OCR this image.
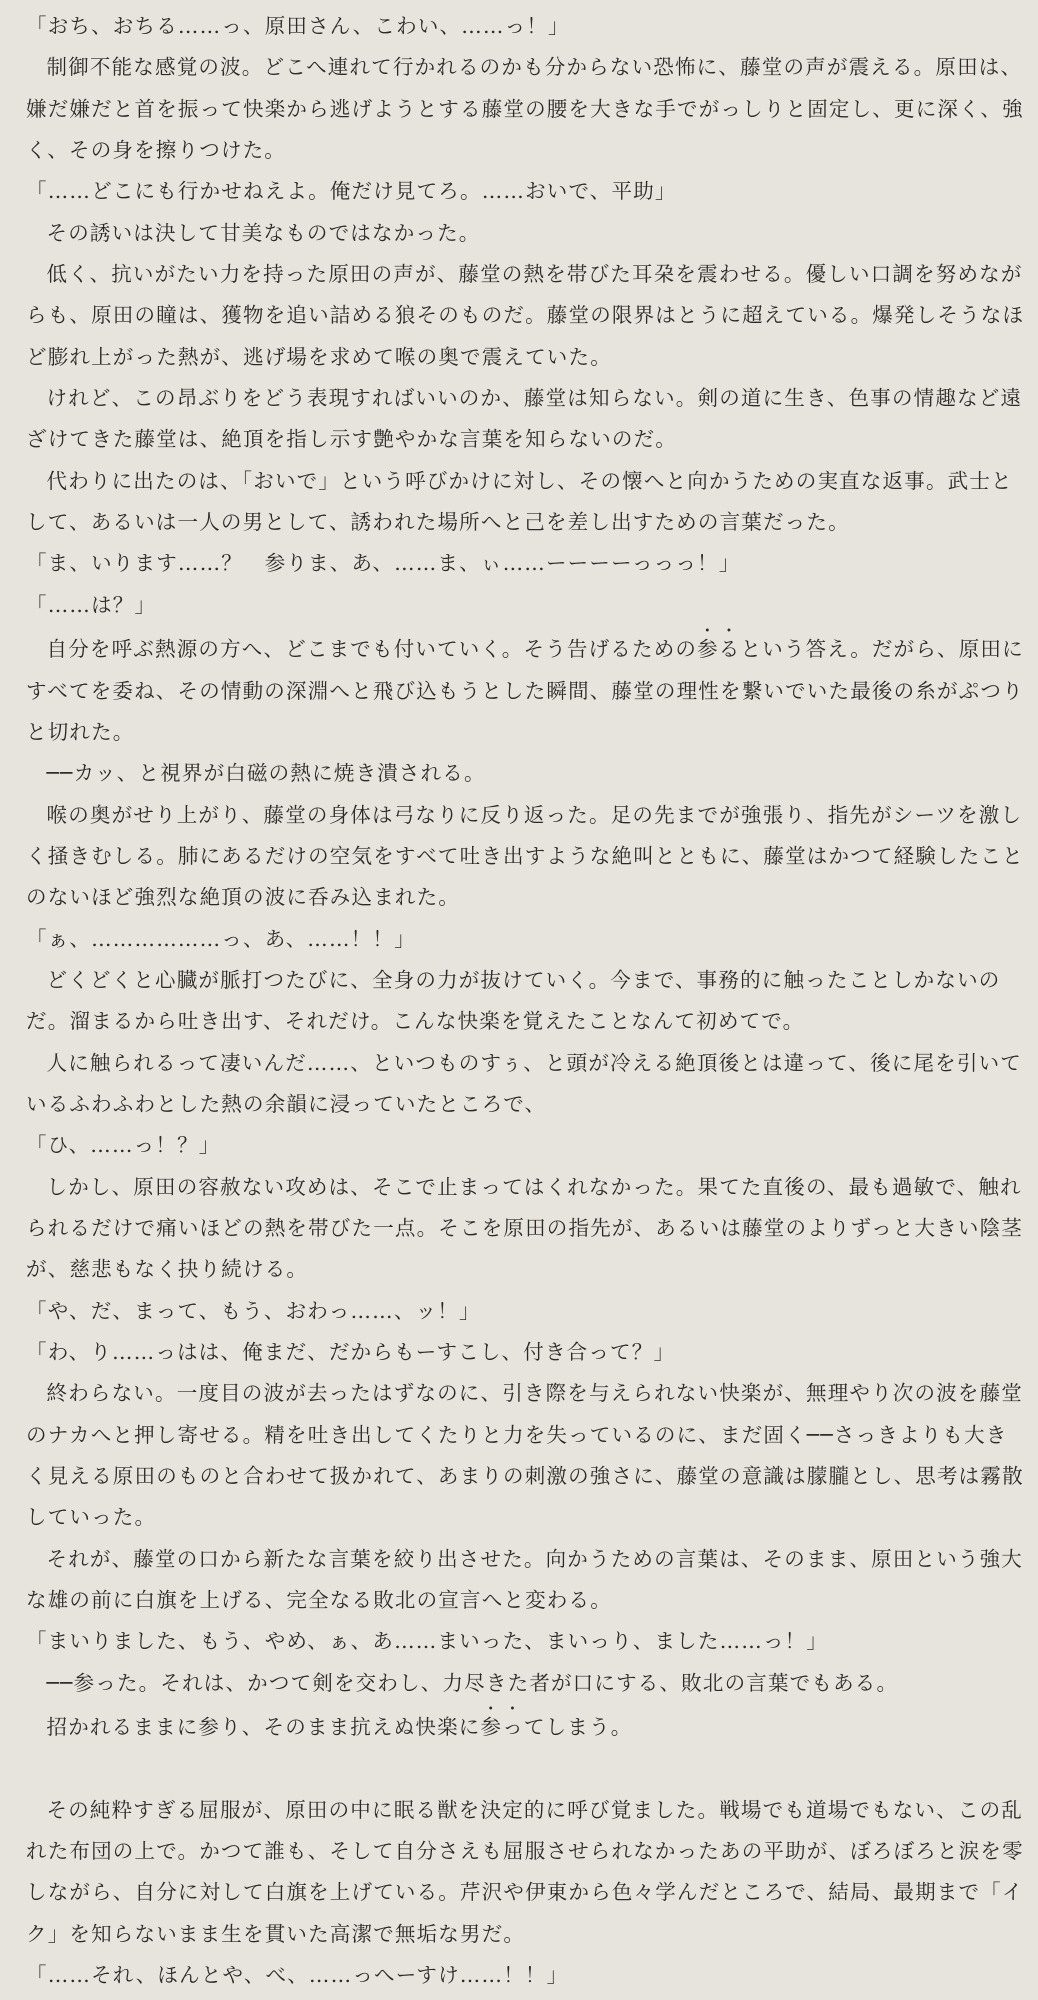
「おち、おちる……っ、原田さん、こわい、……っ！」

制御不能な感覚の波。どこへ連れて行かれるのかも分からない恐怖に、藤堂の声が震える。原田は、嫌だ嫌だと首を振って快楽から逃げようとする藤堂の腰を大きな手でがっしりと固定し、更に深く、強く、その身を擦りつけた。

「……どこにも行かせねえよ。俺だけ見てろ。……おいで、平助」

その誘いは決して甘美なものではなかった。

低く、抗いがたい力を持った原田の声が、藤堂の熱を帯びた耳朶を震わせる。優しい口調を努めながらも、原田の瞳は、獲物を追い詰める狼そのものだ。藤堂の限界はとうに超えている。爆発しそうなほど膨れ上がった熱が、逃げ場を求めて喉の奥で震えていた。

けれど、この昂ぶりをどう表現すればいいのか、藤堂は知らない。剣の道に生き、色事の情趣など遠ざけてきた藤堂は、絶頂を指し示す艶やかな言葉を知らないのだ。

代わりに出たのは、「おいで」という呼びかけに対し、その懐へと向かうための実直な返事。武士として、あるいは一人の男として、誘われた場所へと己を差し出すための言葉だった。

「ま、いります……？　参りま、あ、……ま、ぃ……ーーーーっっっ！」

「……は？」

自分を呼ぶ熱源の方へ、どこまでも付いていく。そう告げるための参るという答え。だがら、原田にすべてを委ね、その情動の深淵へと飛び込もうとした瞬間、藤堂の理性を繋いでいた最後の糸がぷつりと切れた。

──カッ、と視界が白磁の熱に焼き潰される。

喉の奥がせり上がり、藤堂の身体は弓なりに反り返った。足の先までが強張り、指先がシーツを激しく掻きむしる。肺にあるだけの空気をすべて吐き出すような絶叫とともに、藤堂はかつて経験したことのないほど強烈な絶頂の波に呑み込まれた。

「ぁ、………………っ、あ、……！！」

どくどくと心臓が脈打つたびに、全身の力が抜けていく。今まで、事務的に触ったことしかないのだ。溜まるから吐き出す、それだけ。こんな快楽を覚えたことなんて初めてで。

人に触られるって凄いんだ……、といつものすぅ、と頭が冷える絶頂後とは違って、後に尾を引いているふわふわとした熱の余韻に浸っていたところで、

「ひ、……っ！？」

しかし、原田の容赦ない攻めは、そこで止まってはくれなかった。果てた直後の、最も過敏で、触れられるだけで痛いほどの熱を帯びた一点。そこを原田の指先が、あるいは藤堂のよりずっと大きい陰茎が、慈悲もなく抉り続ける。

「や、だ、まって、もう、おわっ……、ッ！」

「わ、り……っはは、俺まだ、だからもーすこし、付き合って？」

終わらない。一度目の波が去ったはずなのに、引き際を与えられない快楽が、無理やり次の波を藤堂のナカへと押し寄せる。精を吐き出してくたりと力を失っているのに、まだ固く──さっきよりも大きく見える原田のものと合わせて扱かれて、あまりの刺激の強さに、藤堂の意識は朦朧とし、思考は霧散していった。

それが、藤堂の口から新たな言葉を絞り出させた。向かうための言葉は、そのまま、原田という強大な雄の前に白旗を上げる、完全なる敗北の宣言へと変わる。

「まいりました、もう、やめ、ぁ、あ……まいった、まいっり、ました……っ！」

──参った。それは、かつて剣を交わし、力尽きた者が口にする、敗北の言葉でもある。

招かれるままに参り、そのまま抗えぬ快楽に参ってしまう。

その純粋すぎる屈服が、原田の中に眠る獣を決定的に呼び覚ました。戦場でも道場でもない、この乱れた布団の上で。かつて誰も、そして自分さえも屈服させられなかったあの平助が、ぼろぼろと涙を零しながら、自分に対して白旗を上げている。芹沢や伊東から色々学んだところで、結局、最期まで「イク」を知らないまま生を貫いた高潔で無垢な男だ。

「……それ、ほんとや、べ、……っへーすけ……！！」
